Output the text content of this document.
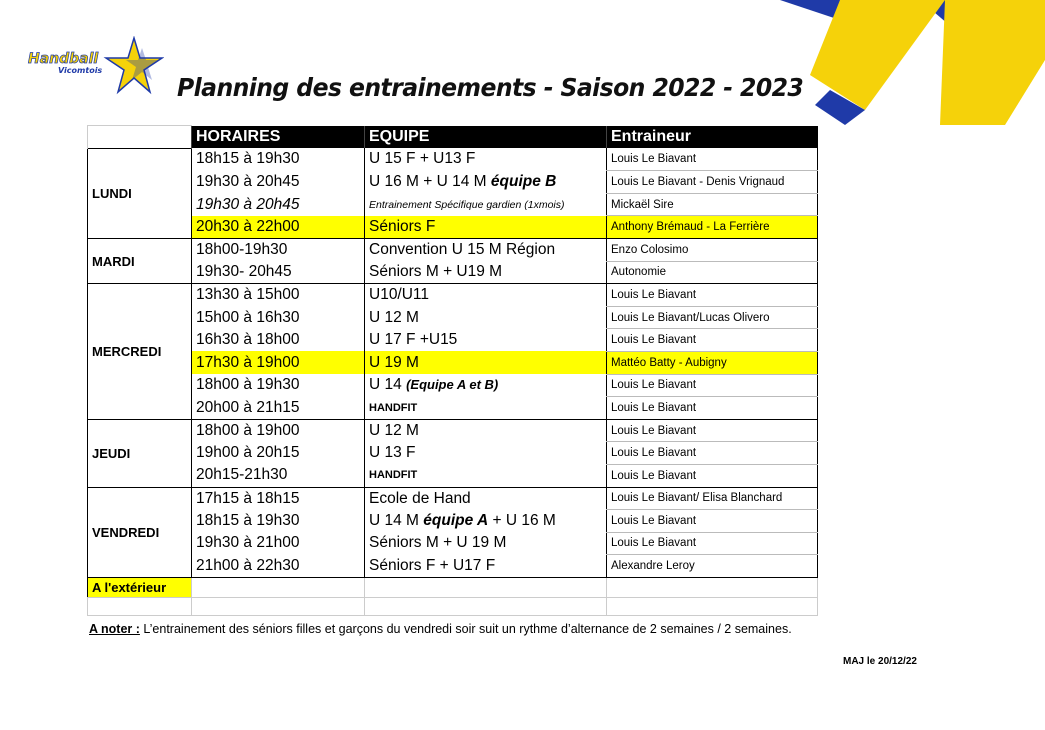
Handball
Vicomtois
Planning des entrainements - Saison 2022 - 2023
	HORAIRES	EQUIPE	Entraineur
LUNDI	18h15 à 19h30	U 15 F + U13 F	Louis Le Biavant
	19h30 à 20h45	U 16 M + U 14 M équipe B	Louis Le Biavant - Denis Vrignaud
	19h30 à 20h45	Entrainement Spécifique gardien (1xmois)	Mickaël Sire
	20h30 à 22h00	Séniors F	Anthony Brémaud - La Ferrière
MARDI	18h00-19h30	Convention U 15 M Région	Enzo Colosimo
	19h30- 20h45	Séniors M + U19 M	Autonomie
MERCREDI	13h30 à 15h00	U10/U11	Louis Le Biavant
	15h00 à 16h30	U 12 M	Louis Le Biavant/Lucas Olivero
	16h30 à 18h00	U 17 F +U15	Louis Le Biavant
	17h30 à 19h00	U 19 M	Mattéo Batty - Aubigny
	18h00 à 19h30	U 14 (Equipe A et B)	Louis Le Biavant
	20h00 à 21h15	HANDFIT	Louis Le Biavant
JEUDI	18h00 à 19h00	U 12 M	Louis Le Biavant
	19h00 à 20h15	U 13 F	Louis Le Biavant
	20h15-21h30	HANDFIT	Louis Le Biavant
VENDREDI	17h15 à 18h15	Ecole de Hand	Louis Le Biavant/ Elisa Blanchard
	18h15 à 19h30	U 14 M équipe A + U 16 M	Louis Le Biavant
	19h30 à 21h00	Séniors M + U 19 M	Louis Le Biavant
	21h00 à 22h30	Séniors F + U17 F	Alexandre Leroy
A l'extérieur			

A noter : L’entrainement des séniors filles et garçons du vendredi soir suit un rythme d’alternance de 2 semaines / 2 semaines.
MAJ le 20/12/22
